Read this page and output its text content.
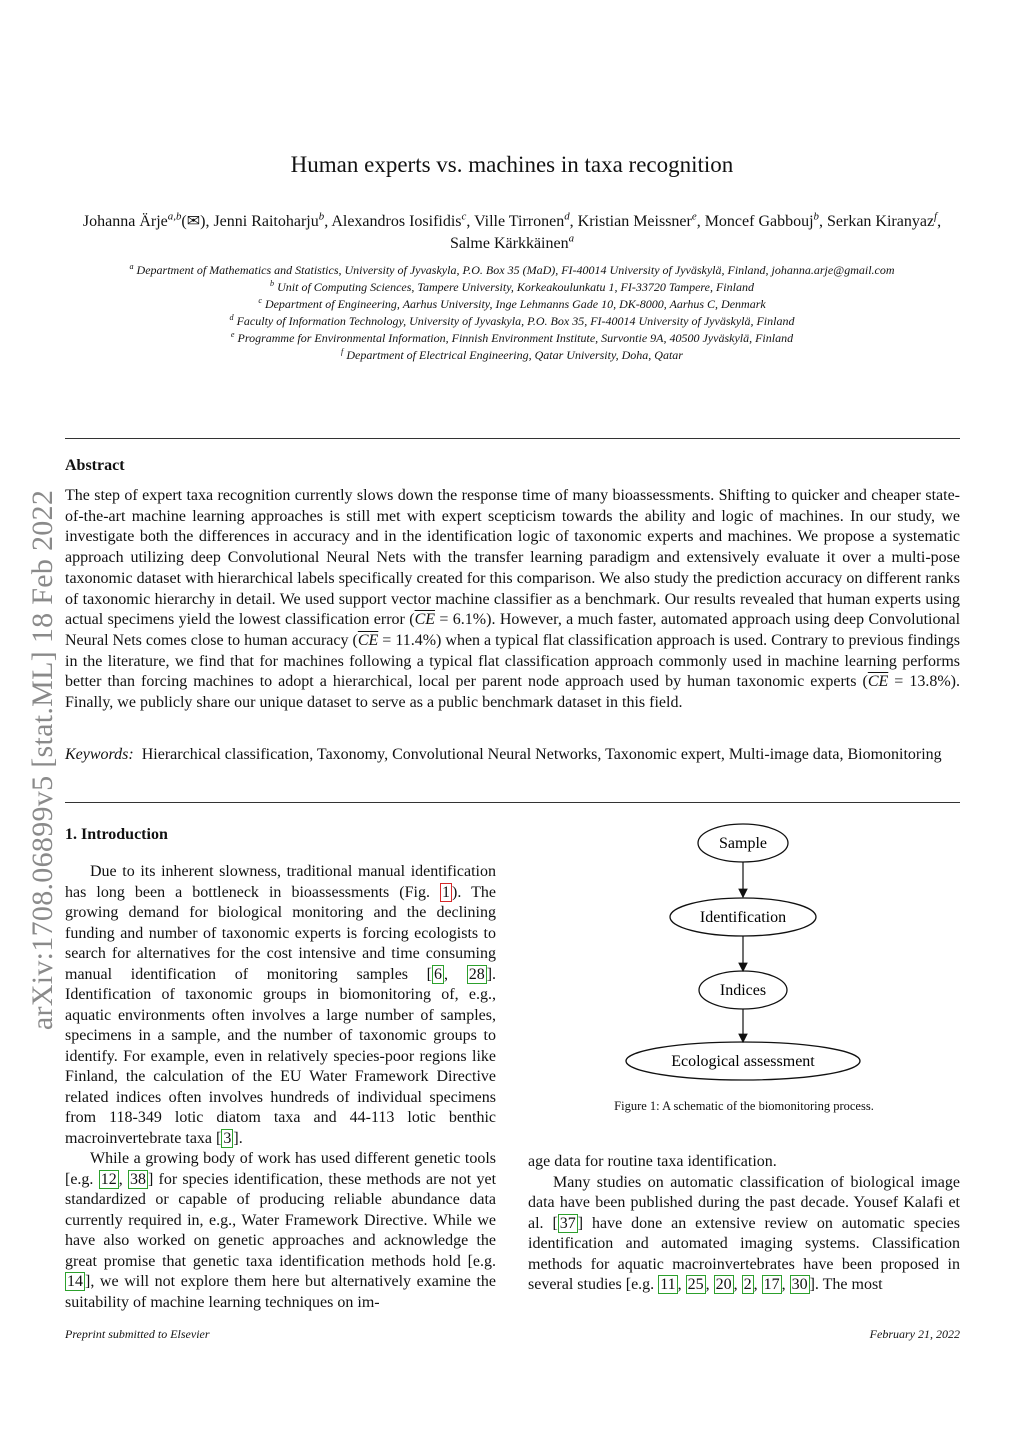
arXiv:1708.06899v5 [stat.ML] 18 Feb 2022
Human experts vs. machines in taxa recognition
Johanna Ärje$^{a,b}$(✉), Jenni Raitoharju$^b$, Alexandros Iosifidis$^c$, Ville Tirronen$^d$, Kristian Meissner$^e$, Moncef Gabbouj$^b$, Serkan Kiranyaz$^f$, Salme Kärkkäinen$^a$
$^a$ Department of Mathematics and Statistics, University of Jyvaskyla, P.O. Box 35 (MaD), FI-40014 University of Jyväskylä, Finland, johanna.arje@gmail.com
$^b$ Unit of Computing Sciences, Tampere University, Korkeakoulunkatu 1, FI-33720 Tampere, Finland
$^c$ Department of Engineering, Aarhus University, Inge Lehmanns Gade 10, DK-8000, Aarhus C, Denmark
$^d$ Faculty of Information Technology, University of Jyvaskyla, P.O. Box 35, FI-40014 University of Jyväskylä, Finland
$^e$ Programme for Environmental Information, Finnish Environment Institute, Survontie 9A, 40500 Jyväskylä, Finland
$^f$ Department of Electrical Engineering, Qatar University, Doha, Qatar
Abstract
The step of expert taxa recognition currently slows down the response time of many bioassessments. Shifting to quicker and cheaper state-of-the-art machine learning approaches is still met with expert scepticism towards the ability and logic of machines. In our study, we investigate both the differences in accuracy and in the identification logic of taxonomic experts and machines. We propose a systematic approach utilizing deep Convolutional Neural Nets with the transfer learning paradigm and extensively evaluate it over a multi-pose taxonomic dataset with hierarchical labels specifically created for this comparison. We also study the prediction accuracy on different ranks of taxonomic hierarchy in detail. We used support vector machine classifier as a benchmark. Our results revealed that human experts using actual specimens yield the lowest classification error $(\overline{CE} = 6.1\%)$. However, a much faster, automated approach using deep Convolutional Neural Nets comes close to human accuracy $(\overline{CE} = 11.4\%)$ when a typical flat classification approach is used. Contrary to previous findings in the literature, we find that for machines following a typical flat classification approach commonly used in machine learning performs better than forcing machines to adopt a hierarchical, local per parent node approach used by human taxonomic experts $(\overline{CE} = 13.8\%)$. Finally, we publicly share our unique dataset to serve as a public benchmark dataset in this field.
Keywords: Hierarchical classification, Taxonomy, Convolutional Neural Networks, Taxonomic expert, Multi-image data, Biomonitoring
1. Introduction

Due to its inherent slowness, traditional manual identification has long been a bottleneck in bioassessments (Fig. 1 ). The growing demand for biological monitoring and the declining funding and number of taxonomic experts is forcing ecologists to search for alternatives for the cost intensive and time consuming manual identification of monitoring samples [ 6 , 28 ]. Identification of taxonomic groups in biomonitoring of, e.g., aquatic environments often involves a large number of samples, specimens in a sample, and the number of taxonomic groups to identify. For example, even in relatively species-poor regions like Finland, the calculation of the EU Water Framework Directive related indices often involves hundreds of individual specimens from 118-349 lotic diatom taxa and 44-113 lotic benthic macroinvertebrate taxa [ 3 ].

While a growing body of work has used different genetic tools [e.g. 12 , 38 ] for species identification, these methods are not yet standardized or capable of producing reliable abundance data currently required in, e.g., Water Framework Directive. While we have also worked on genetic approaches and acknowledge the great promise that genetic taxa identification methods hold [e.g. 14 ], we will not explore them here but alternatively examine the suitability of machine learning techniques on im-

Sample
Identification
Indices
Ecological assessment
Figure 1: A schematic of the biomonitoring process.

age data for routine taxa identification.

Many studies on automatic classification of biological image data have been published during the past decade. Yousef Kalafi et al. [ 37 ] have done an extensive review on automatic species identification and automated imaging systems. Classification methods for aquatic macroinvertebrates have been proposed in several studies [e.g. 11 , 25 , 20 , 2 , 17 , 30 ]. The most

Preprint submitted to Elsevier	February 21, 2022
